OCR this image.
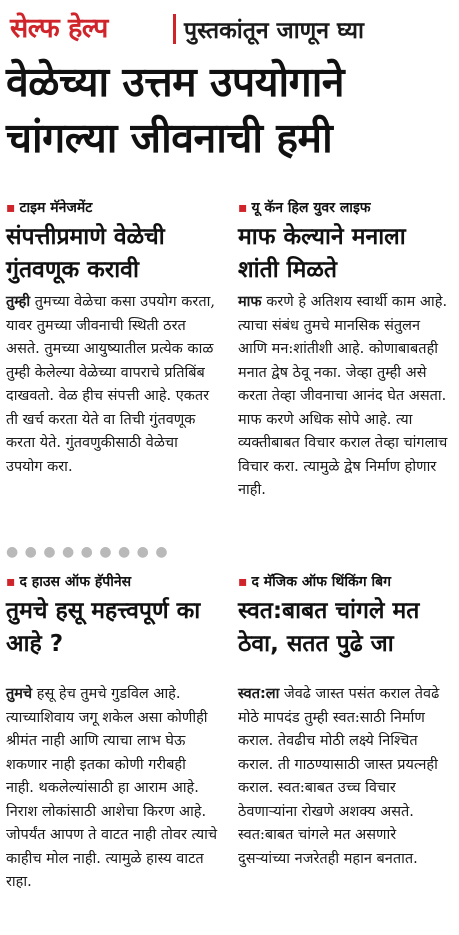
सेल्फ हेल्प	पुस्तकांतून जाणून घ्या
वेळेच्या उत्तम उपयोगाने
चांगल्या जीवनाची हमी
▪ टाइम मॅनेजमेंट
संपत्तीप्रमाणे वेळेची गुंतवणूक करावी
तुम्ही तुमच्या वेळेचा कसा उपयोग करता, यावर तुमच्या जीवनाची स्थिती ठरत असते. तुमच्या आयुष्यातील प्रत्येक काळ तुम्ही केलेल्या वेळेच्या वापराचे प्रतिबिंब दाखवतो. वेळ हीच संपत्ती आहे. एकतर ती खर्च करता येते वा तिची गुंतवणूक करता येते. गुंतवणुकीसाठी वेळेचा उपयोग करा.
▪ यू कॅन हिल युवर लाइफ
माफ केल्याने मनाला शांती मिळते
माफ करणे हे अतिशय स्वार्थी काम आहे. त्याचा संबंध तुमचे मानसिक संतुलन आणि मन:शांतीशी आहे. कोणाबाबतही मनात द्वेष ठेवू नका. जेव्हा तुम्ही असे करता तेव्हा जीवनाचा आनंद घेत असता. माफ करणे अधिक सोपे आहे. त्या व्यक्तीबाबत विचार कराल तेव्हा चांगलाच विचार करा. त्यामुळे द्वेष निर्माण होणार नाही.
● ● ● ● ● ● ● ● ●
▪ द हाउस ऑफ हॅपीनेस
तुमचे हसू महत्त्वपूर्ण का आहे ?
तुमचे हसू हेच तुमचे गुडविल आहे. त्याच्याशिवाय जगू शकेल असा कोणीही श्रीमंत नाही आणि त्याचा लाभ घेऊ शकणार नाही इतका कोणी गरीबही नाही. थकलेल्यांसाठी हा आराम आहे. निराश लोकांसाठी आशेचा किरण आहे. जोपर्यंत आपण ते वाटत नाही तोवर त्याचे काहीच मोल नाही. त्यामुळे हास्य वाटत राहा.
▪ द मॅजिक ऑफ थिंकिंग बिग
स्वत:बाबत चांगले मत ठेवा, सतत पुढे जा
स्वत:ला जेवढे जास्त पसंत कराल तेवढे मोठे मापदंड तुम्ही स्वत:साठी निर्माण कराल. तेवढीच मोठी लक्ष्ये निश्चित कराल. ती गाठण्यासाठी जास्त प्रयत्नही कराल. स्वत:बाबत उच्च विचार ठेवणाऱ्यांना रोखणे अशक्य असते. स्वत:बाबत चांगले मत असणारे दुसऱ्यांच्या नजरेतही महान बनतात.
